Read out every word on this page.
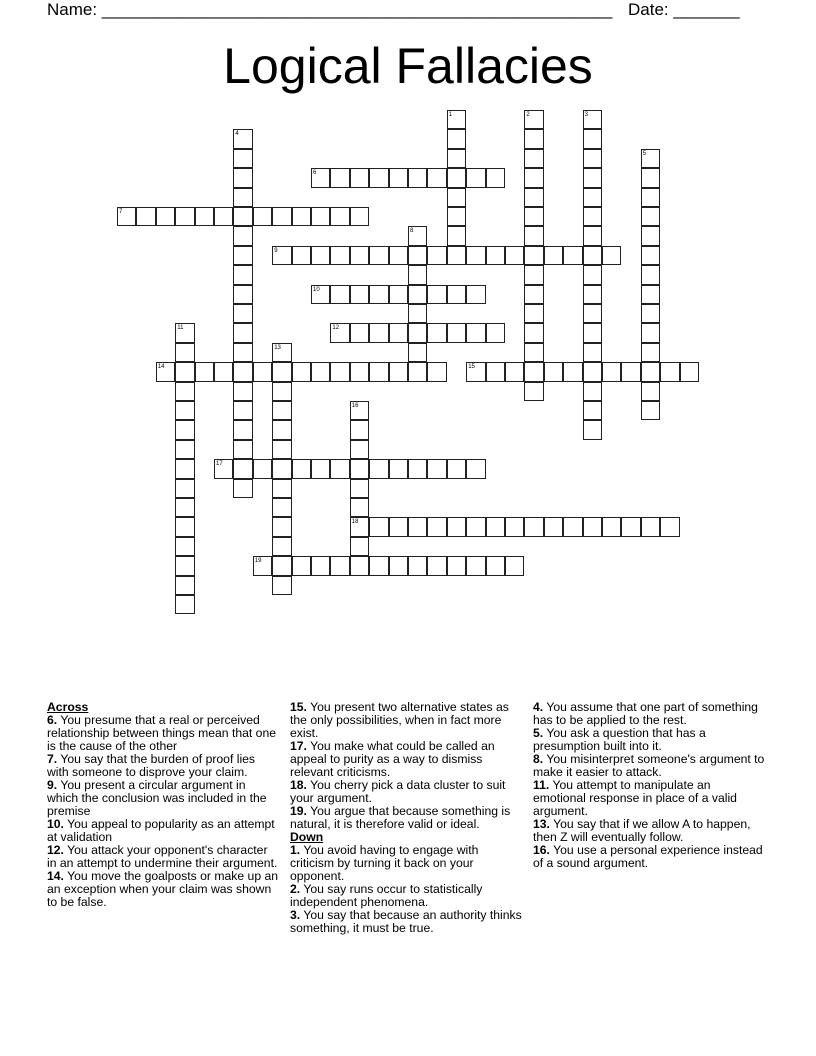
Name: ______________________________________________________ Date: _______
Logical Fallacies
1	2	3
4
5
6
7
8
9
10
11	12
13
14	15
16
18
17
19

Across

6. You presume that a real or perceived relationship between things mean that one is the cause of the other
7. You say that the burden of proof lies with someone to disprove your claim.
9. You present a circular argument in which the conclusion was included in the premise
10. You appeal to popularity as an attempt at validation
12. You attack your opponent's character in an attempt to undermine their argument.
14. You move the goalposts or make up an an exception when your claim was shown to be false.
15. You present two alternative states as the only possibilities, when in fact more exist.
17. You make what could be called an appeal to purity as a way to dismiss relevant criticisms.
18. You cherry pick a data cluster to suit your argument.
19. You argue that because something is natural, it is therefore valid or ideal.

Down

1. You avoid having to engage with criticism by turning it back on your opponent.
2. You say runs occur to statistically independent phenomena.
3. You say that because an authority thinks something, it must be true.
4. You assume that one part of something has to be applied to the rest.
5. You ask a question that has a presumption built into it.
8. You misinterpret someone's argument to make it easier to attack.
11. You attempt to manipulate an emotional response in place of a valid argument.
13. You say that if we allow A to happen, then Z will eventually follow.
16. You use a personal experience instead of a sound argument.
